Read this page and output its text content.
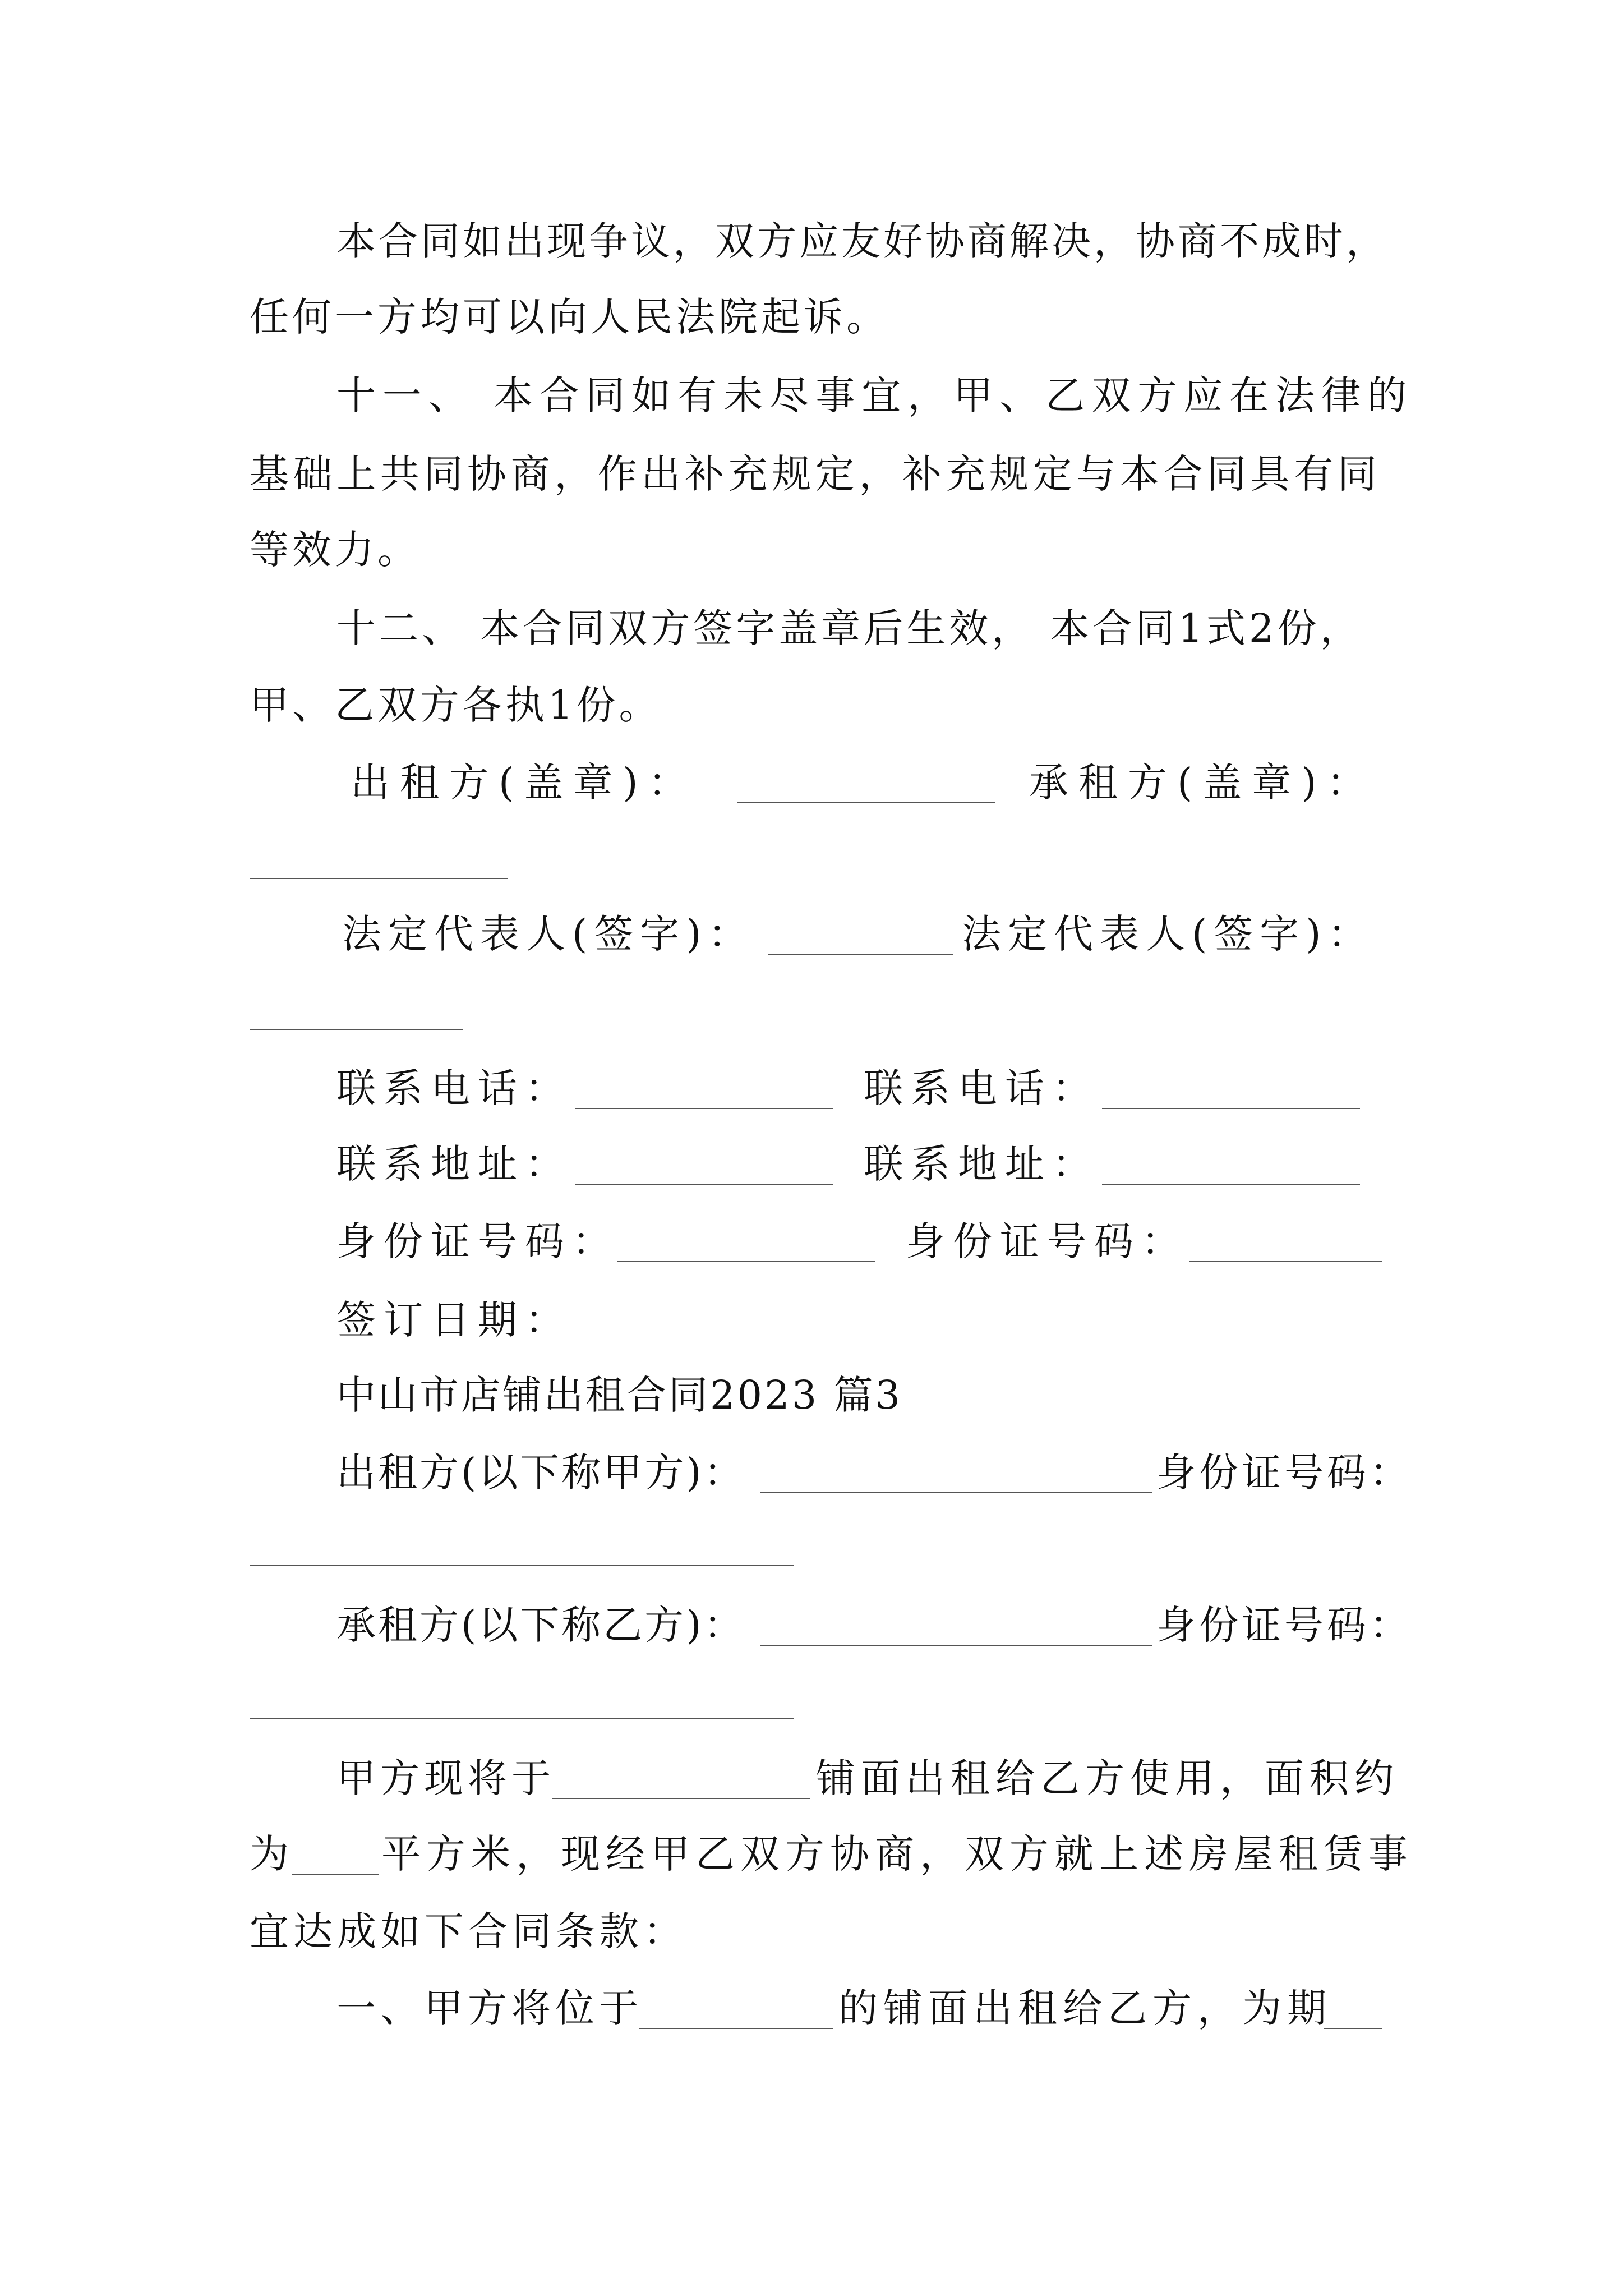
本合同如出现争议，双方应友好协商解决，协商不成时，
任何一方均可以向人民法院起诉。
十一、 本合同如有未尽事宜，甲、乙双方应在法律的
基础上共同协商，作出补充规定，补充规定与本合同具有同
等效力。
十二、 本合同双方签字盖章后生效， 本合同1式2份，
甲、乙双方各执1份。
出租方(盖章)：	承租方(盖章)：
法定代表人(签字)：	法定代表人(签字)：
联系电话：	联系电话：
联系地址：	联系地址：
身份证号码：	身份证号码：
签订日期：
中山市店铺出租合同2023 篇3
出租方(以下称甲方)：	身份证号码：
承租方(以下称乙方)：	身份证号码：
甲方现将于	铺面出租给乙方使用，面积约
为 平方米，现经甲乙双方协商，双方就上述房屋租赁事
宜达成如下合同条款：
一、甲方将位于	的铺面出租给乙方，为期
